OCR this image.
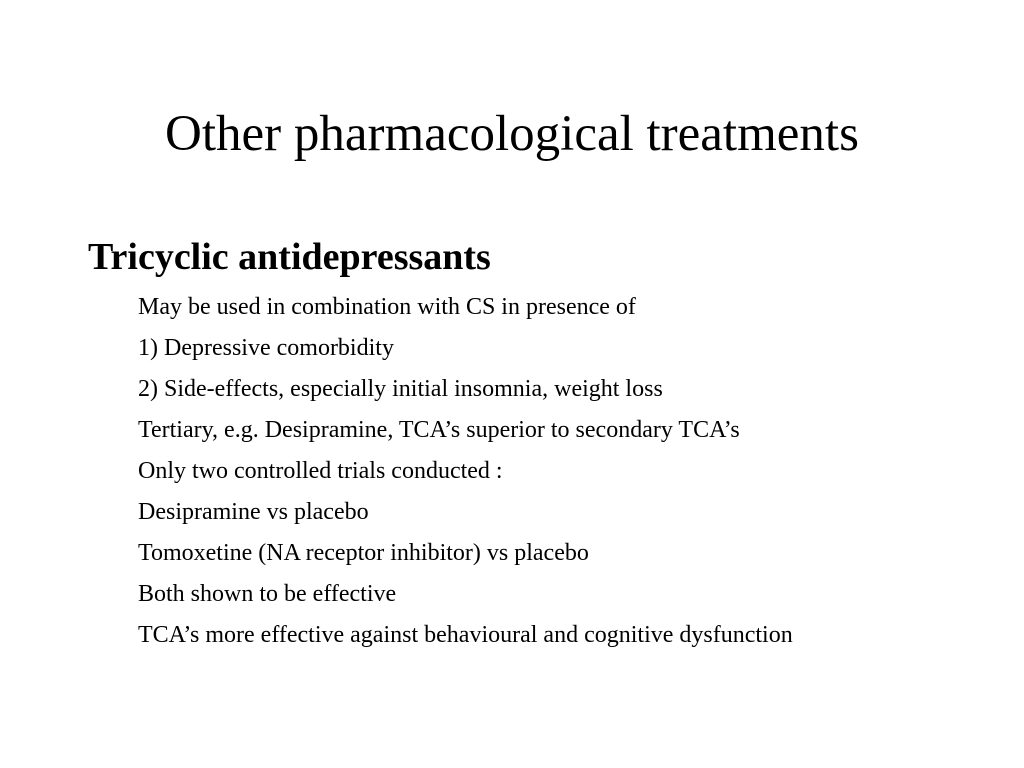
Other pharmacological treatments
Tricyclic antidepressants
May be used in combination with CS in presence of
1) Depressive comorbidity
2) Side-effects, especially initial insomnia, weight loss
Tertiary, e.g. Desipramine, TCA’s superior to secondary TCA’s
Only two controlled trials conducted :
Desipramine vs placebo
Tomoxetine (NA receptor inhibitor) vs placebo
Both shown to be effective
TCA’s more effective against behavioural and cognitive dysfunction
